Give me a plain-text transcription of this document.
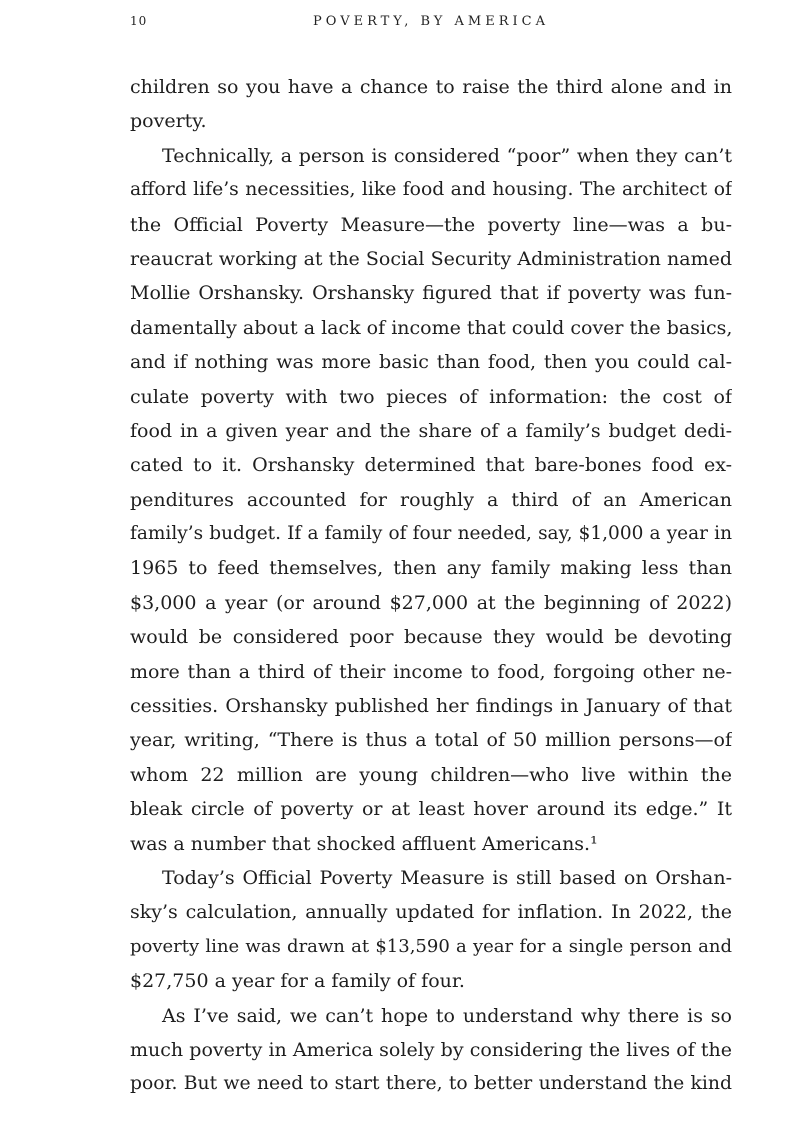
10	POVERTY, BY AMERICA
children so you have a chance to raise the third alone and in
poverty.
Technically, a person is considered “poor” when they can’t
afford life’s necessities, like food and housing. The architect of
the Official Poverty Measure—the poverty line—was a bu-
reaucrat working at the Social Security Administration named
Mollie Orshansky. Orshansky figured that if poverty was fun-
damentally about a lack of income that could cover the basics,
and if nothing was more basic than food, then you could cal-
culate poverty with two pieces of information: the cost of
food in a given year and the share of a family’s budget dedi-
cated to it. Orshansky determined that bare-bones food ex-
penditures accounted for roughly a third of an American
family’s budget. If a family of four needed, say, $1,000 a year in
1965 to feed themselves, then any family making less than
$3,000 a year (or around $27,000 at the beginning of 2022)
would be considered poor because they would be devoting
more than a third of their income to food, forgoing other ne-
cessities. Orshansky published her findings in January of that
year, writing, “There is thus a total of 50 million persons—of
whom 22 million are young children—who live within the
bleak circle of poverty or at least hover around its edge.” It
was a number that shocked affluent Americans.¹
Today’s Official Poverty Measure is still based on Orshan-
sky’s calculation, annually updated for inflation. In 2022, the
poverty line was drawn at $13,590 a year for a single person and
$27,750 a year for a family of four.
As I’ve said, we can’t hope to understand why there is so
much poverty in America solely by considering the lives of the
poor. But we need to start there, to better understand the kind
